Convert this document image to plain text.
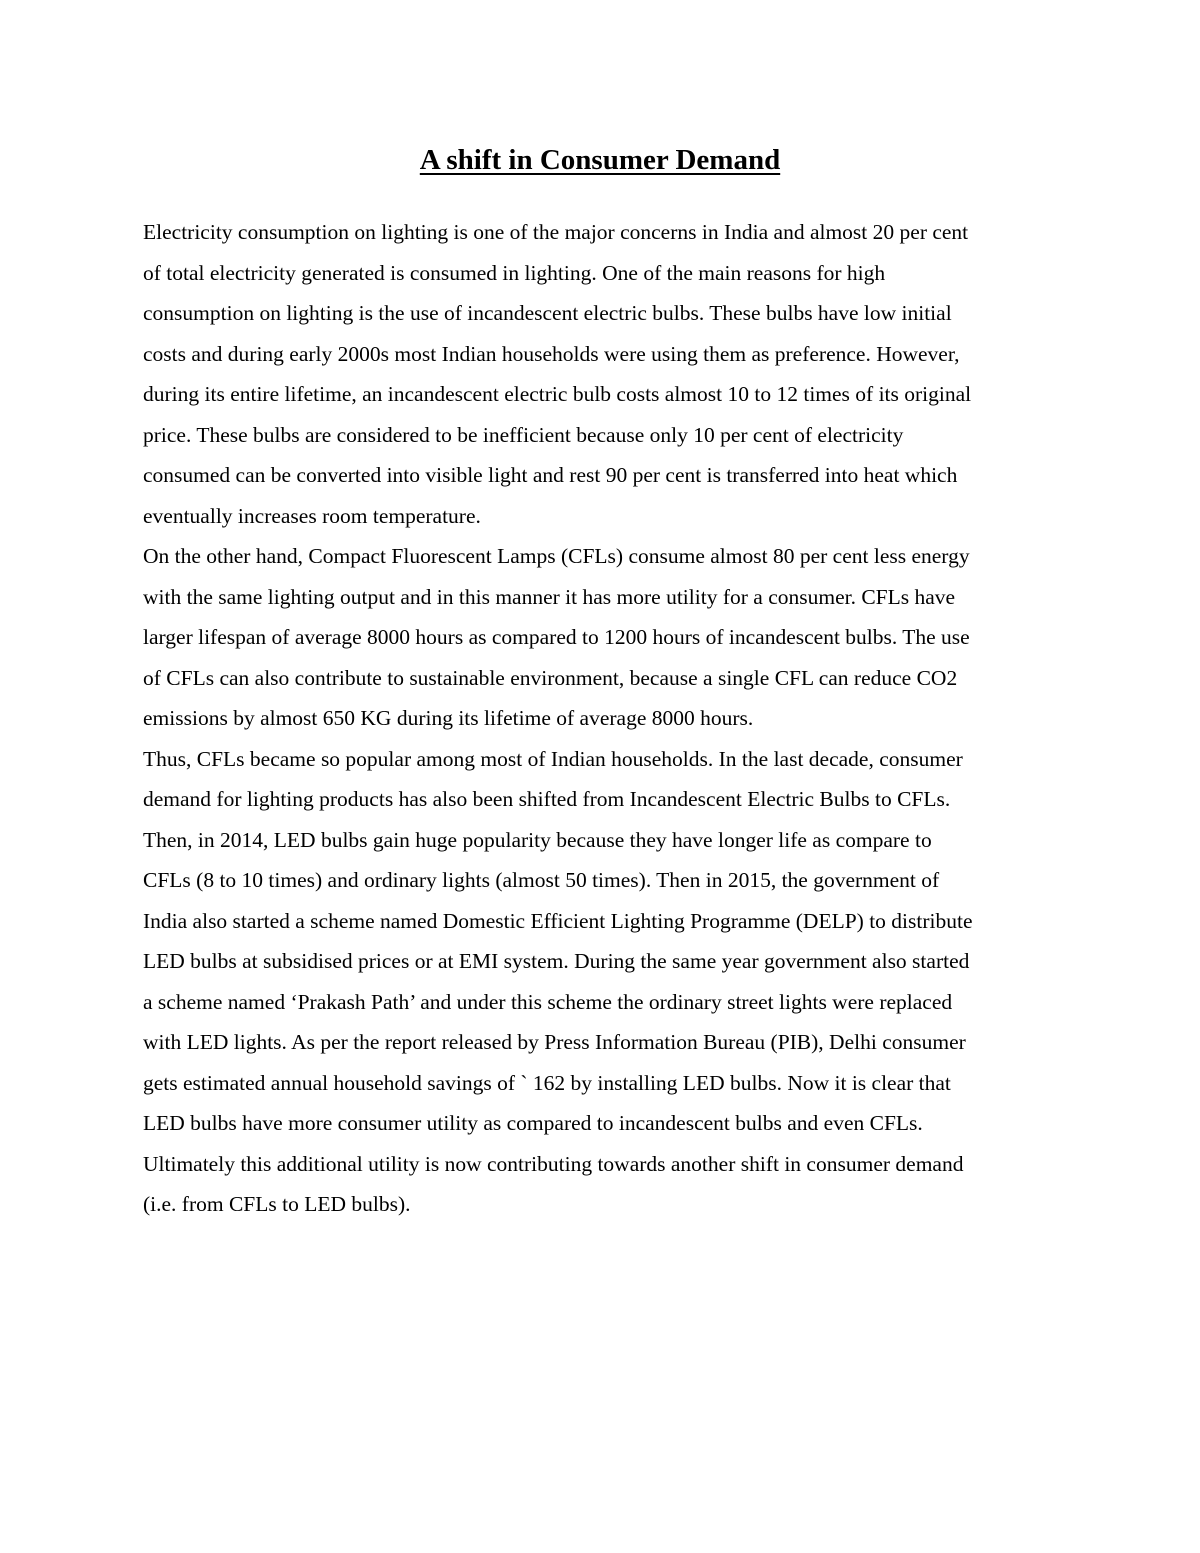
A shift in Consumer Demand
Electricity consumption on lighting is one of the major concerns in India and almost 20 per cent
of total electricity generated is consumed in lighting. One of the main reasons for high
consumption on lighting is the use of incandescent electric bulbs. These bulbs have low initial
costs and during early 2000s most Indian households were using them as preference. However,
during its entire lifetime, an incandescent electric bulb costs almost 10 to 12 times of its original
price. These bulbs are considered to be inefficient because only 10 per cent of electricity
consumed can be converted into visible light and rest 90 per cent is transferred into heat which
eventually increases room temperature.
On the other hand, Compact Fluorescent Lamps (CFLs) consume almost 80 per cent less energy
with the same lighting output and in this manner it has more utility for a consumer. CFLs have
larger lifespan of average 8000 hours as compared to 1200 hours of incandescent bulbs. The use
of CFLs can also contribute to sustainable environment, because a single CFL can reduce CO2
emissions by almost 650 KG during its lifetime of average 8000 hours.
Thus, CFLs became so popular among most of Indian households. In the last decade, consumer
demand for lighting products has also been shifted from Incandescent Electric Bulbs to CFLs.
Then, in 2014, LED bulbs gain huge popularity because they have longer life as compare to
CFLs (8 to 10 times) and ordinary lights (almost 50 times). Then in 2015, the government of
India also started a scheme named Domestic Efficient Lighting Programme (DELP) to distribute
LED bulbs at subsidised prices or at EMI system. During the same year government also started
a scheme named ‘Prakash Path’ and under this scheme the ordinary street lights were replaced
with LED lights. As per the report released by Press Information Bureau (PIB), Delhi consumer
gets estimated annual household savings of ` 162 by installing LED bulbs. Now it is clear that
LED bulbs have more consumer utility as compared to incandescent bulbs and even CFLs.
Ultimately this additional utility is now contributing towards another shift in consumer demand
(i.e. from CFLs to LED bulbs).
